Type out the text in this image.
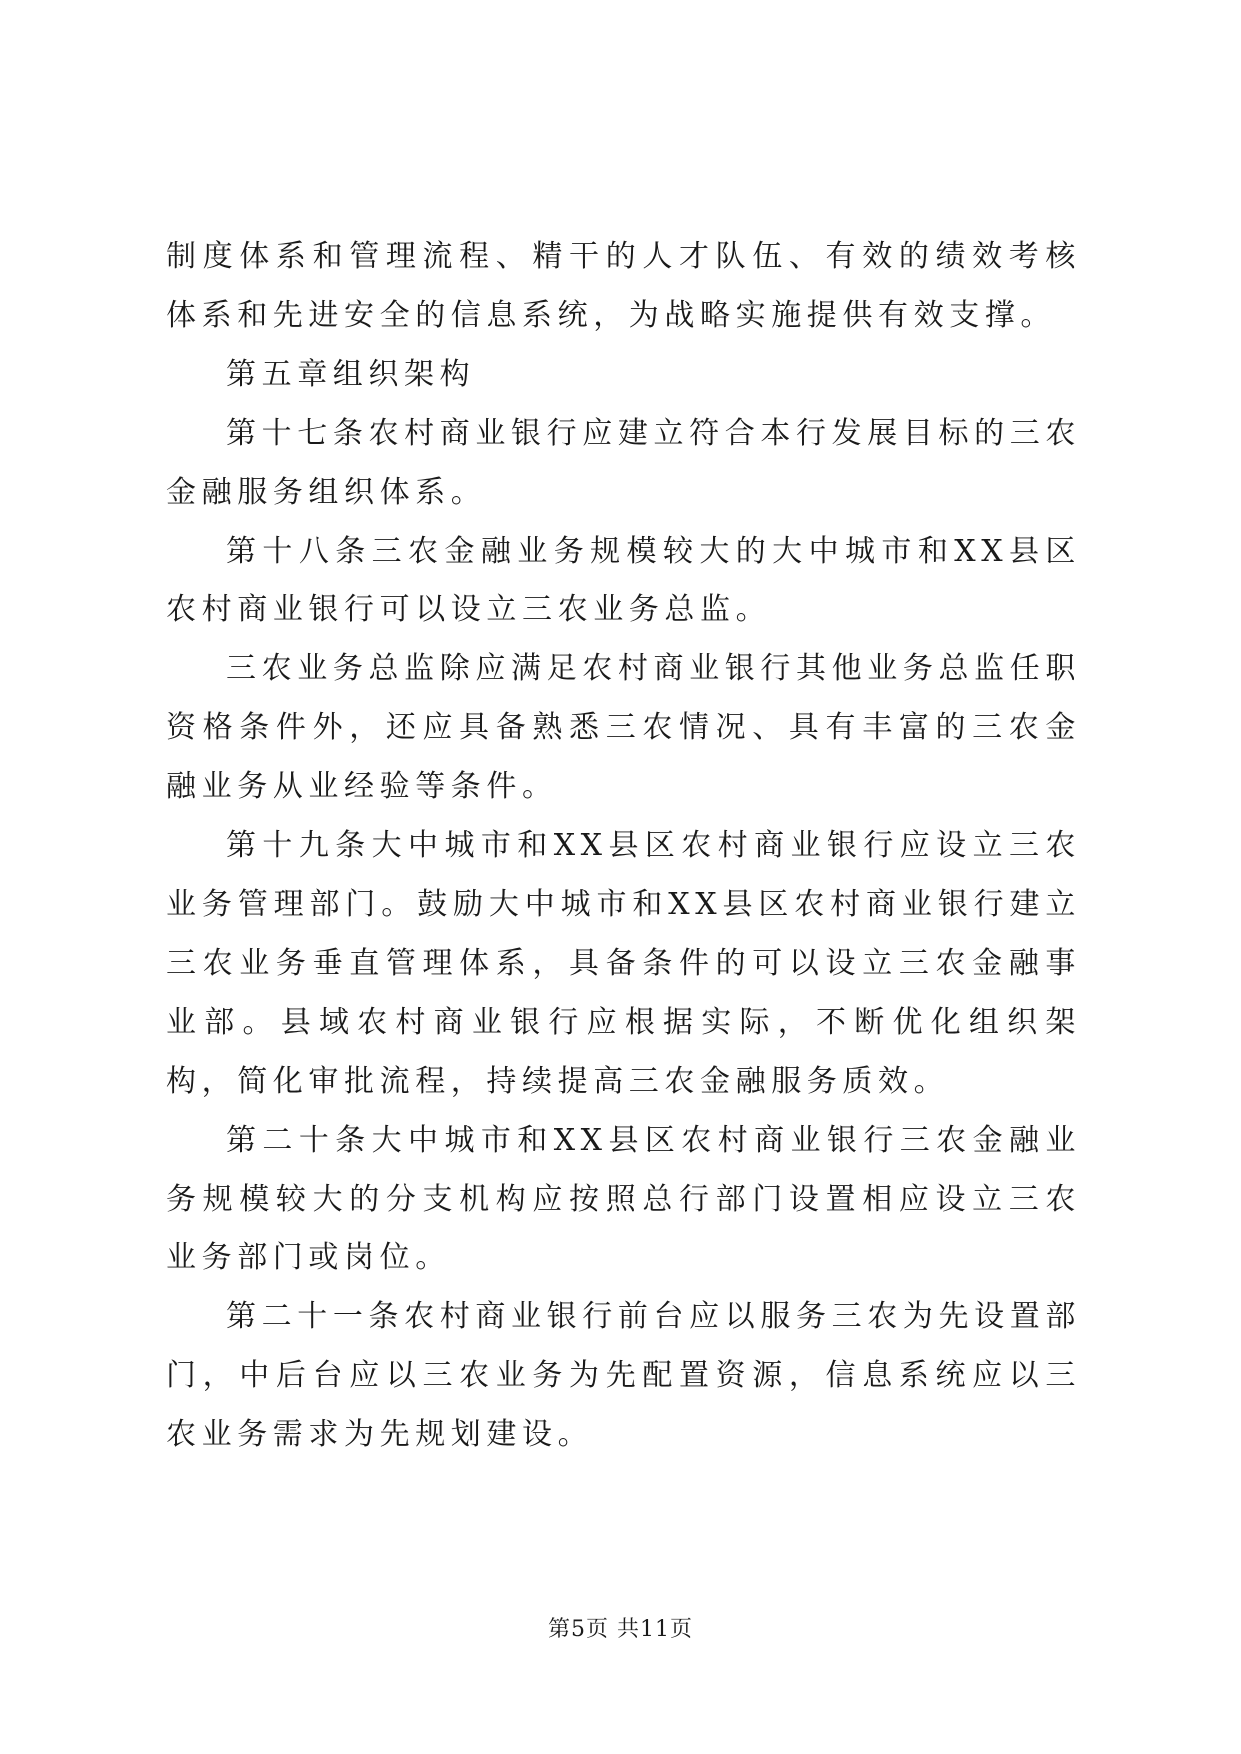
制度体系和管理流程、精干的人才队伍、有效的绩效考核体系和先进安全的信息系统，为战略实施提供有效支撑。

第五章组织架构

第十七条农村商业银行应建立符合本行发展目标的三农金融服务组织体系。

第十八条三农金融业务规模较大的大中城市和XX县区农村商业银行可以设立三农业务总监。

三农业务总监除应满足农村商业银行其他业务总监任职资格条件外，还应具备熟悉三农情况、具有丰富的三农金融业务从业经验等条件。

第十九条大中城市和XX县区农村商业银行应设立三农业务管理部门。鼓励大中城市和XX县区农村商业银行建立三农业务垂直管理体系，具备条件的可以设立三农金融事业部。县域农村商业银行应根据实际，不断优化组织架构，简化审批流程，持续提高三农金融服务质效。

第二十条大中城市和XX县区农村商业银行三农金融业务规模较大的分支机构应按照总行部门设置相应设立三农业务部门或岗位。

第二十一条农村商业银行前台应以服务三农为先设置部门，中后台应以三农业务为先配置资源，信息系统应以三农业务需求为先规划建设。

第5页 共11页
